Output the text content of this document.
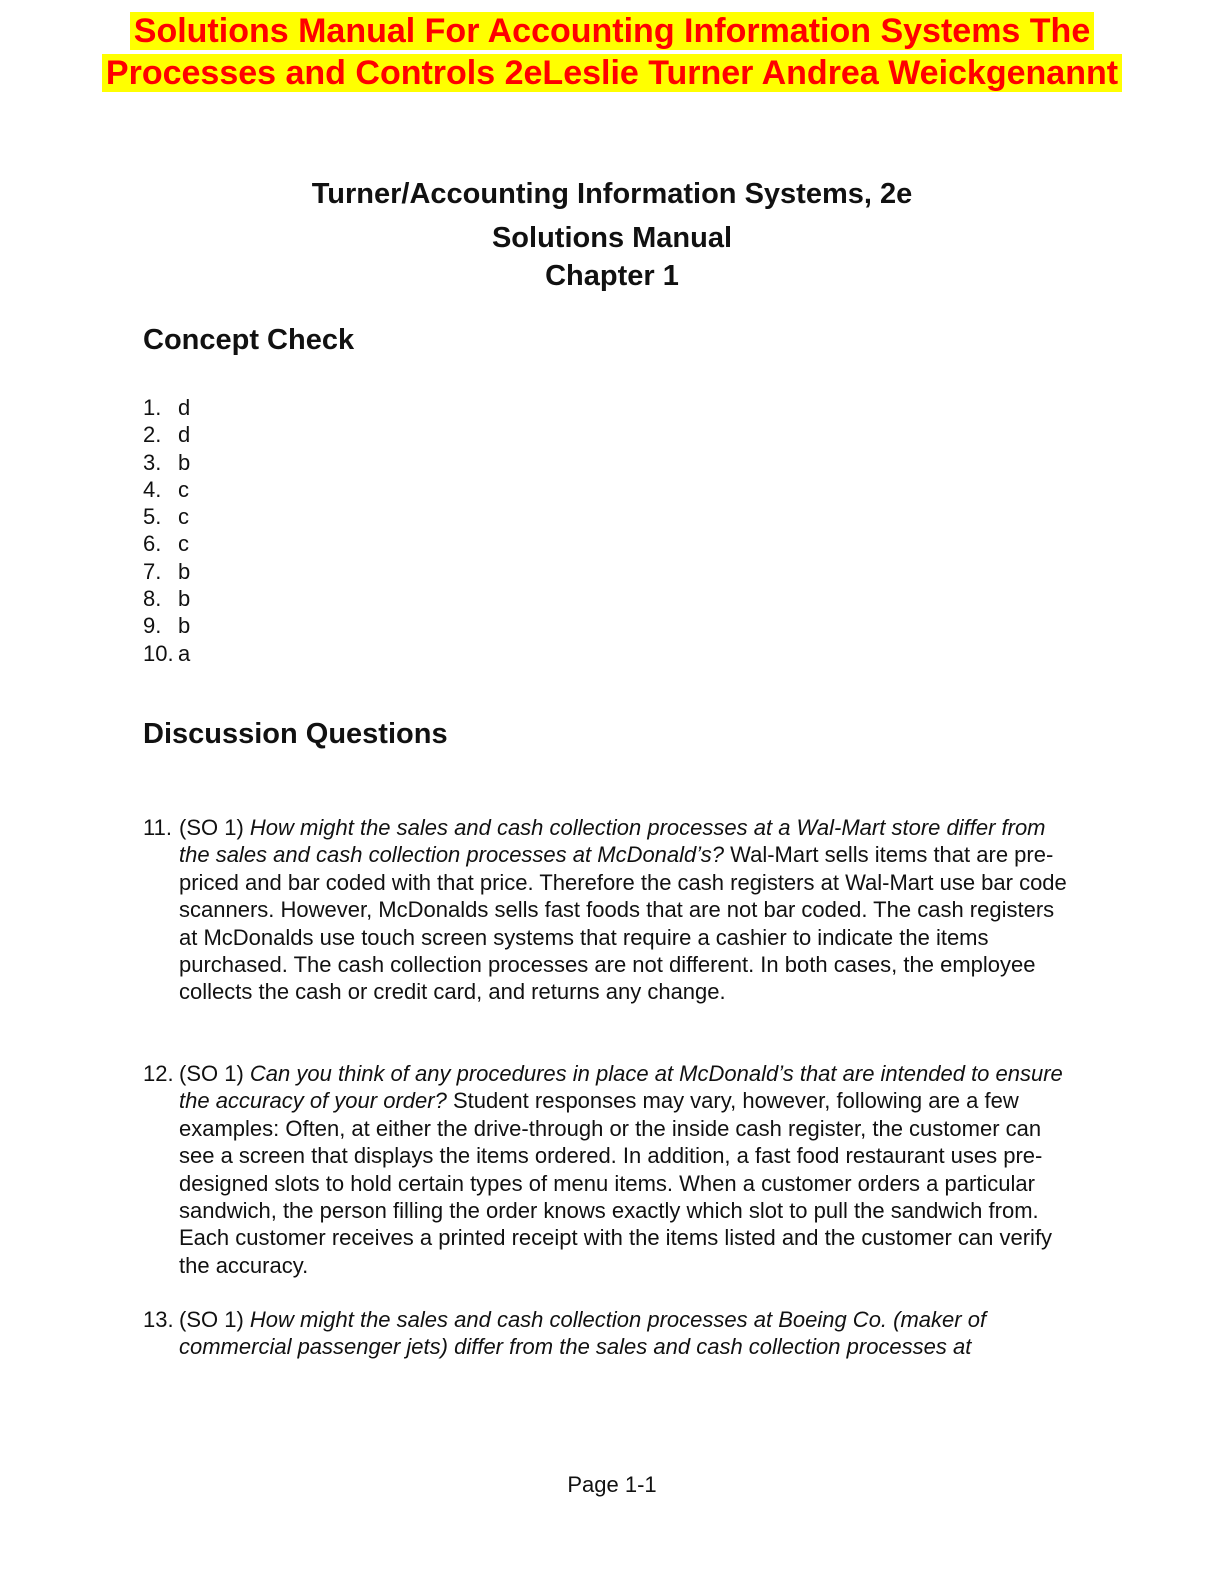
Solutions Manual For Accounting Information Systems The
Processes and Controls 2eLeslie Turner Andrea Weickgenannt
Turner/Accounting Information Systems, 2e
Solutions Manual
Chapter 1
Concept Check
1. d
2. d
3. b
4. c
5. c
6. c
7. b
8. b
9. b
10. a
Discussion Questions
11. (SO 1) How might the sales and cash collection processes at a Wal-Mart store differ from the sales and cash collection processes at McDonald’s? Wal-Mart sells items that are pre-priced and bar coded with that price. Therefore the cash registers at Wal-Mart use bar code scanners. However, McDonalds sells fast foods that are not bar coded. The cash registers at McDonalds use touch screen systems that require a cashier to indicate the items purchased. The cash collection processes are not different. In both cases, the employee collects the cash or credit card, and returns any change.
12. (SO 1) Can you think of any procedures in place at McDonald’s that are intended to ensure the accuracy of your order? Student responses may vary, however, following are a few examples: Often, at either the drive-through or the inside cash register, the customer can see a screen that displays the items ordered. In addition, a fast food restaurant uses pre-designed slots to hold certain types of menu items. When a customer orders a particular sandwich, the person filling the order knows exactly which slot to pull the sandwich from. Each customer receives a printed receipt with the items listed and the customer can verify the accuracy.
13. (SO 1) How might the sales and cash collection processes at Boeing Co. (maker of commercial passenger jets) differ from the sales and cash collection processes at
Page 1-1
